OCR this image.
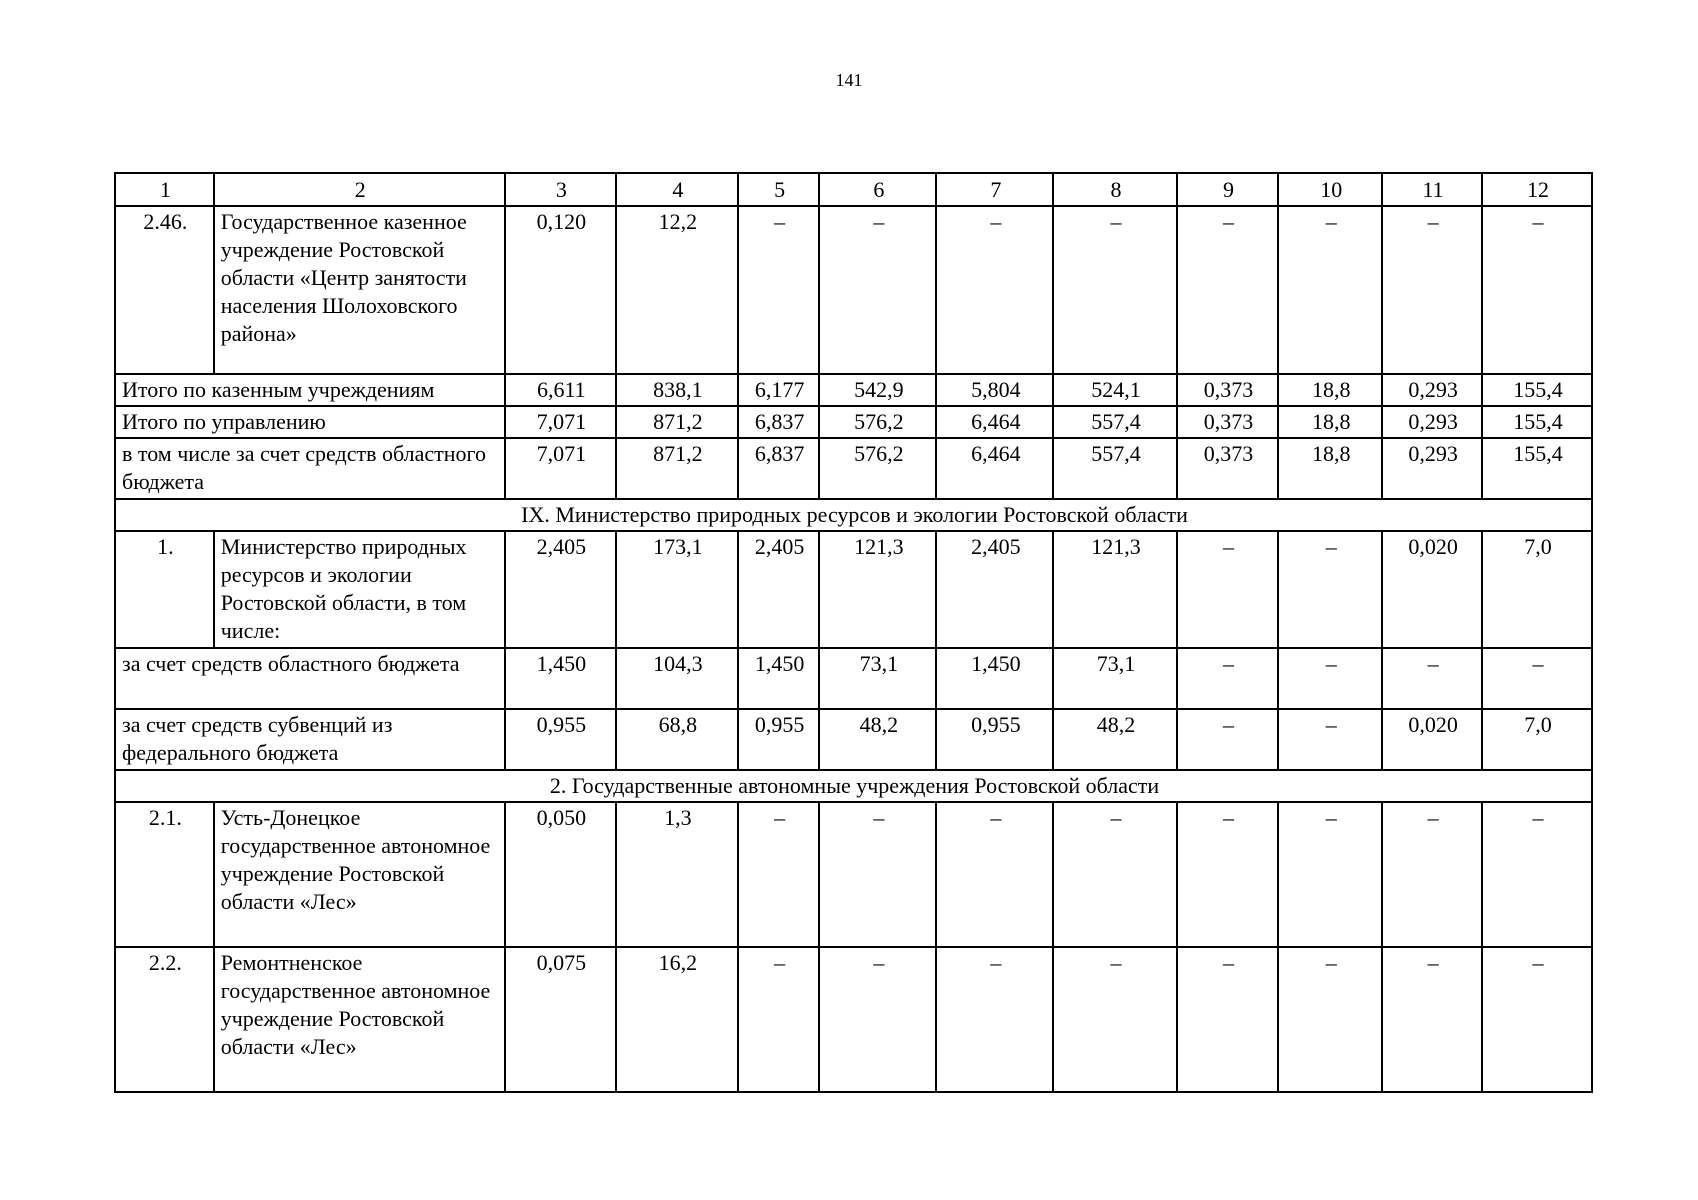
141
1	2	3	4	5	6	7	8	9	10	11	12
2.46.	Государственное казенное учреждение Ростовской области «Центр занятости населения Шолоховского района»	0,120	12,2	–	–	–	–	–	–	–	–
Итого по казенным учреждениям		6,611	838,1	6,177	542,9	5,804	524,1	0,373	18,8	0,293	155,4
Итого по управлению		7,071	871,2	6,837	576,2	6,464	557,4	0,373	18,8	0,293	155,4
в том числе за счет средств областного бюджета		7,071	871,2	6,837	576,2	6,464	557,4	0,373	18,8	0,293	155,4
IX. Министерство природных ресурсов и экологии Ростовской области											
1.	Министерство природных ресурсов и экологии Ростовской области, в том числе:	2,405	173,1	2,405	121,3	2,405	121,3	–	–	0,020	7,0
за счет средств областного бюджета		1,450	104,3	1,450	73,1	1,450	73,1	–	–	–	–
за счет средств субвенций из федерального бюджета		0,955	68,8	0,955	48,2	0,955	48,2	–	–	0,020	7,0
2. Государственные автономные учреждения Ростовской области											
2.1.	Усть-Донецкое государственное автономное учреждение Ростовской области «Лес»	0,050	1,3	–	–	–	–	–	–	–	–
2.2.	Ремонтненское государственное автономное учреждение Ростовской области «Лес»	0,075	16,2	–	–	–	–	–	–	–	–
